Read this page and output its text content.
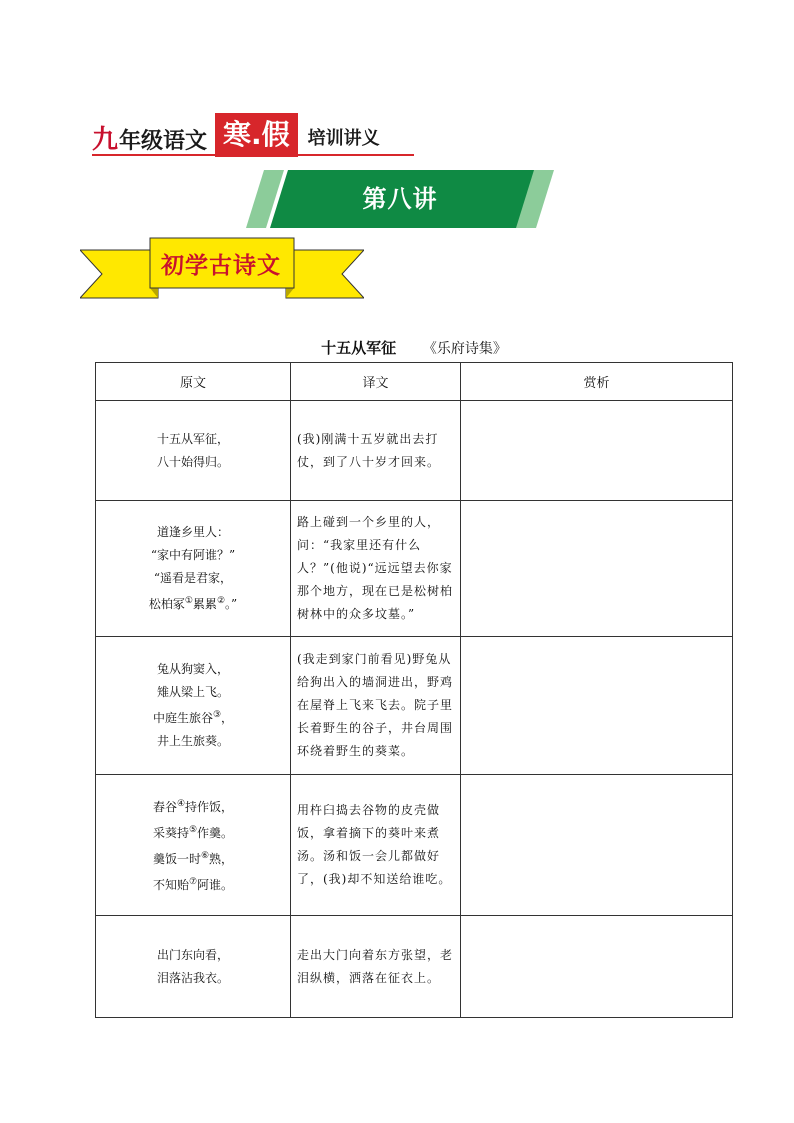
九 年级语文 寒.假	培训讲义
第八讲
初学古诗文
十五从军征 《乐府诗集》
原文	译文	赏析

十五从军征，
八十始得归。	(我)刚满十五岁就出去打仗，到了八十岁才回来。	

道逢乡里人：
“家中有阿谁？”
“遥看是君家，
松柏冢①累累②。”	路上碰到一个乡里的人，问：“我家里还有什么人？”(他说)“远远望去你家那个地方，现在已是松树柏树林中的众多坟墓。”	

兔从狗窦入，
雉从梁上飞。
中庭生旅谷③，
井上生旅葵。	(我走到家门前看见)野兔从给狗出入的墙洞进出，野鸡在屋脊上飞来飞去。院子里长着野生的谷子，井台周围环绕着野生的葵菜。	

舂谷④持作饭，
采葵持⑤作羹。
羹饭一时⑥熟，
不知贻⑦阿谁。	用杵臼捣去谷物的皮壳做饭，拿着摘下的葵叶来煮汤。汤和饭一会儿都做好了，(我)却不知送给谁吃。	

出门东向看，
泪落沾我衣。	走出大门向着东方张望，老泪纵横，洒落在征衣上。	
